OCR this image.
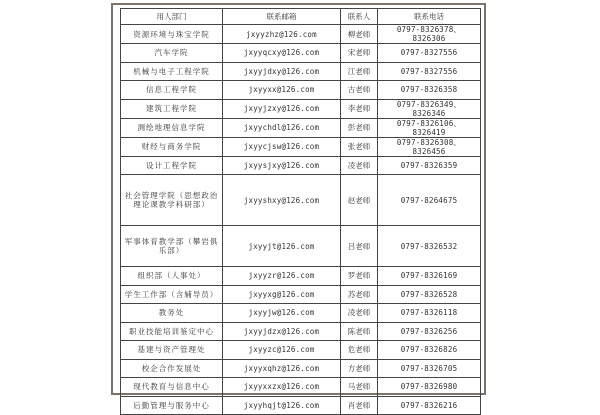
用人部门	联系邮箱	联系人	联系电话
资源环境与珠宝学院	jxyyzhz@126.com	柳老师	0797-8326378、8326306
汽车学院	jxyyqcxy@126.com	宋老师	0797-8327556
机械与电子工程学院	jxyyjdxy@126.com	江老师	0797-8327556
信息工程学院	jxyyxx@126.com	古老师	0797-8326358
建筑工程学院	jxyyjzxy@126.com	李老师	0797-8326349、8326346
测绘地理信息学院	jxyychdl@126.com	彭老师	0797-8326106、8326419
财经与商务学院	jxyycjsw@126.com	张老师	0797-8326308、8326456
设计工程学院	jxyysjxy@126.com	凌老师	0797-8326359
社会管理学院（思想政治理论课教学科研部）	jxyyshxy@126.com	赵老师	0797-8264675
军事体育教学部（攀岩俱乐部）	jxyyjt@126.com	吕老师	0797-8326532
组织部（人事处）	jxyyzr@126.com	罗老师	0797-8326169
学生工作部（含辅导员）	jxyyxg@126.com	苏老师	0797-8326528
教务处	jxyyjw@126.com	凌老师	0797-8326118
职业技能培训鉴定中心	jxyyjdzx@126.com	陈老师	0797-8326256
基建与资产管理处	jxyyzc@126.com	危老师	0797-8326826
校企合作发展处	jxyyxqhz@126.com	方老师	0797-8326705
现代教育与信息中心	jxyyxxzx@126.com	马老师	0797-8326980
后勤管理与服务中心	jxyyhqjt@126.com	肖老师	0797-8326216
